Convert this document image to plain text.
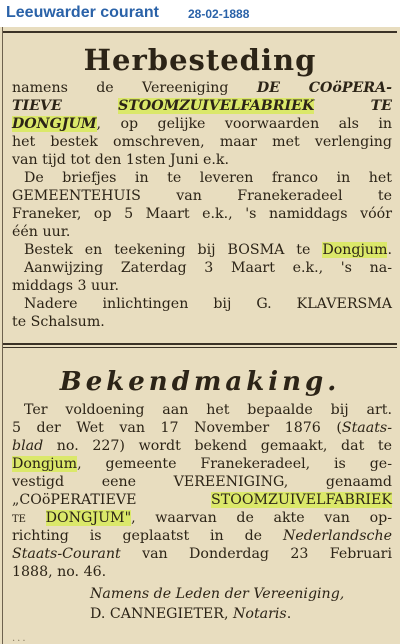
Leeuwarder courant 28-02-1888
Herbesteding
namens de Vereeniging DE COöPERA-
TIEVE STOOMZUIVELFABRIEK TE
DONGJUM, op gelijke voorwaarden als in
het bestek omschreven, maar met verlenging
van tijd tot den 1sten Juni e.k.
De briefjes in te leveren franco in het
GEMEENTEHUIS van Franekeradeel te
Franeker, op 5 Maart e.k., 's namiddags vóór
één uur.
Bestek en teekening bij BOSMA te Dongjum.
Aanwijzing Zaterdag 3 Maart e.k., 's na-
middags 3 uur.
Nadere inlichtingen bij G. KLAVERSMA
te Schalsum.
Bekendmaking.
Ter voldoening aan het bepaalde bij art.
5 der Wet van 17 November 1876 (Staats-
blad no. 227) wordt bekend gemaakt, dat te
Dongjum, gemeente Franekeradeel, is ge-
vestigd eene VEREENIGING, genaamd
„COöPERATIEVE STOOMZUIVELFABRIEK
te DONGJUM", waarvan de akte van op-
richting is geplaatst in de Nederlandsche
Staats-Courant van Donderdag 23 Februari
1888, no. 46.
Namens de Leden der Vereeniging,
D. CANNEGIETER, Notaris.
...
